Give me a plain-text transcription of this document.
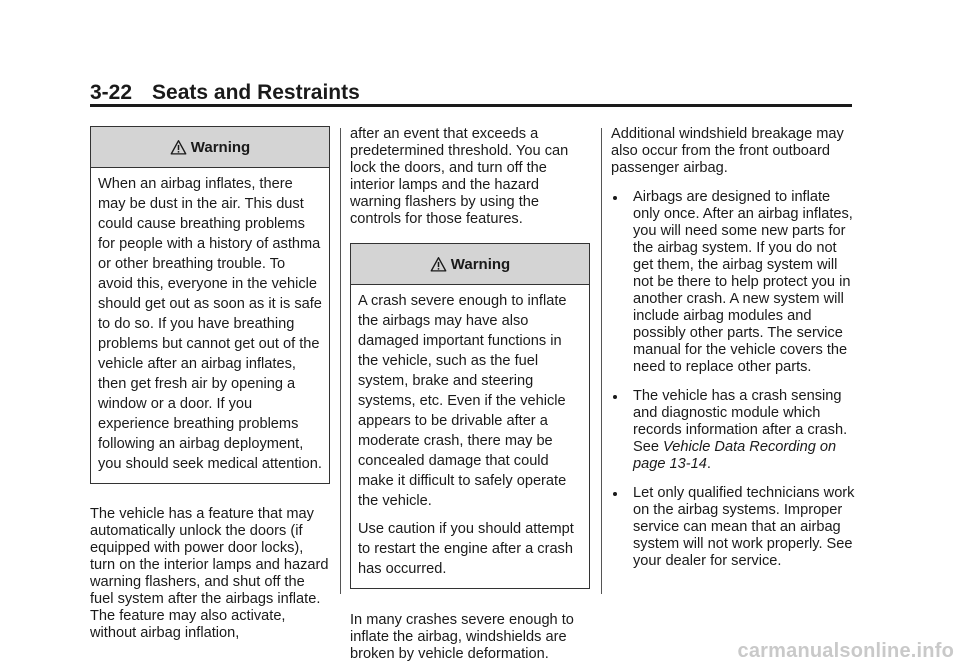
3-22 Seats and Restraints
Warning

When an airbag inflates, there may be dust in the air. This dust could cause breathing problems for people with a history of asthma or other breathing trouble. To avoid this, everyone in the vehicle should get out as soon as it is safe to do so. If you have breathing problems but cannot get out of the vehicle after an airbag inflates, then get fresh air by opening a window or a door. If you experience breathing problems following an airbag deployment, you should seek medical attention.

The vehicle has a feature that may automatically unlock the doors (if equipped with power door locks), turn on the interior lamps and hazard warning flashers, and shut off the fuel system after the airbags inflate. The feature may also activate, without airbag inflation,

after an event that exceeds a predetermined threshold. You can lock the doors, and turn off the interior lamps and the hazard warning flashers by using the controls for those features.

Warning

A crash severe enough to inflate the airbags may have also damaged important functions in the vehicle, such as the fuel system, brake and steering systems, etc. Even if the vehicle appears to be drivable after a moderate crash, there may be concealed damage that could make it difficult to safely operate the vehicle.

Use caution if you should attempt to restart the engine after a crash has occurred.

In many crashes severe enough to inflate the airbag, windshields are broken by vehicle deformation.

Additional windshield breakage may also occur from the front outboard passenger airbag.

Airbags are designed to inflate only once. After an airbag inflates, you will need some new parts for the airbag system. If you do not get them, the airbag system will not be there to help protect you in another crash. A new system will include airbag modules and possibly other parts. The service manual for the vehicle covers the need to replace other parts.
The vehicle has a crash sensing and diagnostic module which records information after a crash. See Vehicle Data Recording on page 13-14.
Let only qualified technicians work on the airbag systems. Improper service can mean that an airbag system will not work properly. See your dealer for service.
carmanualsonline.info
